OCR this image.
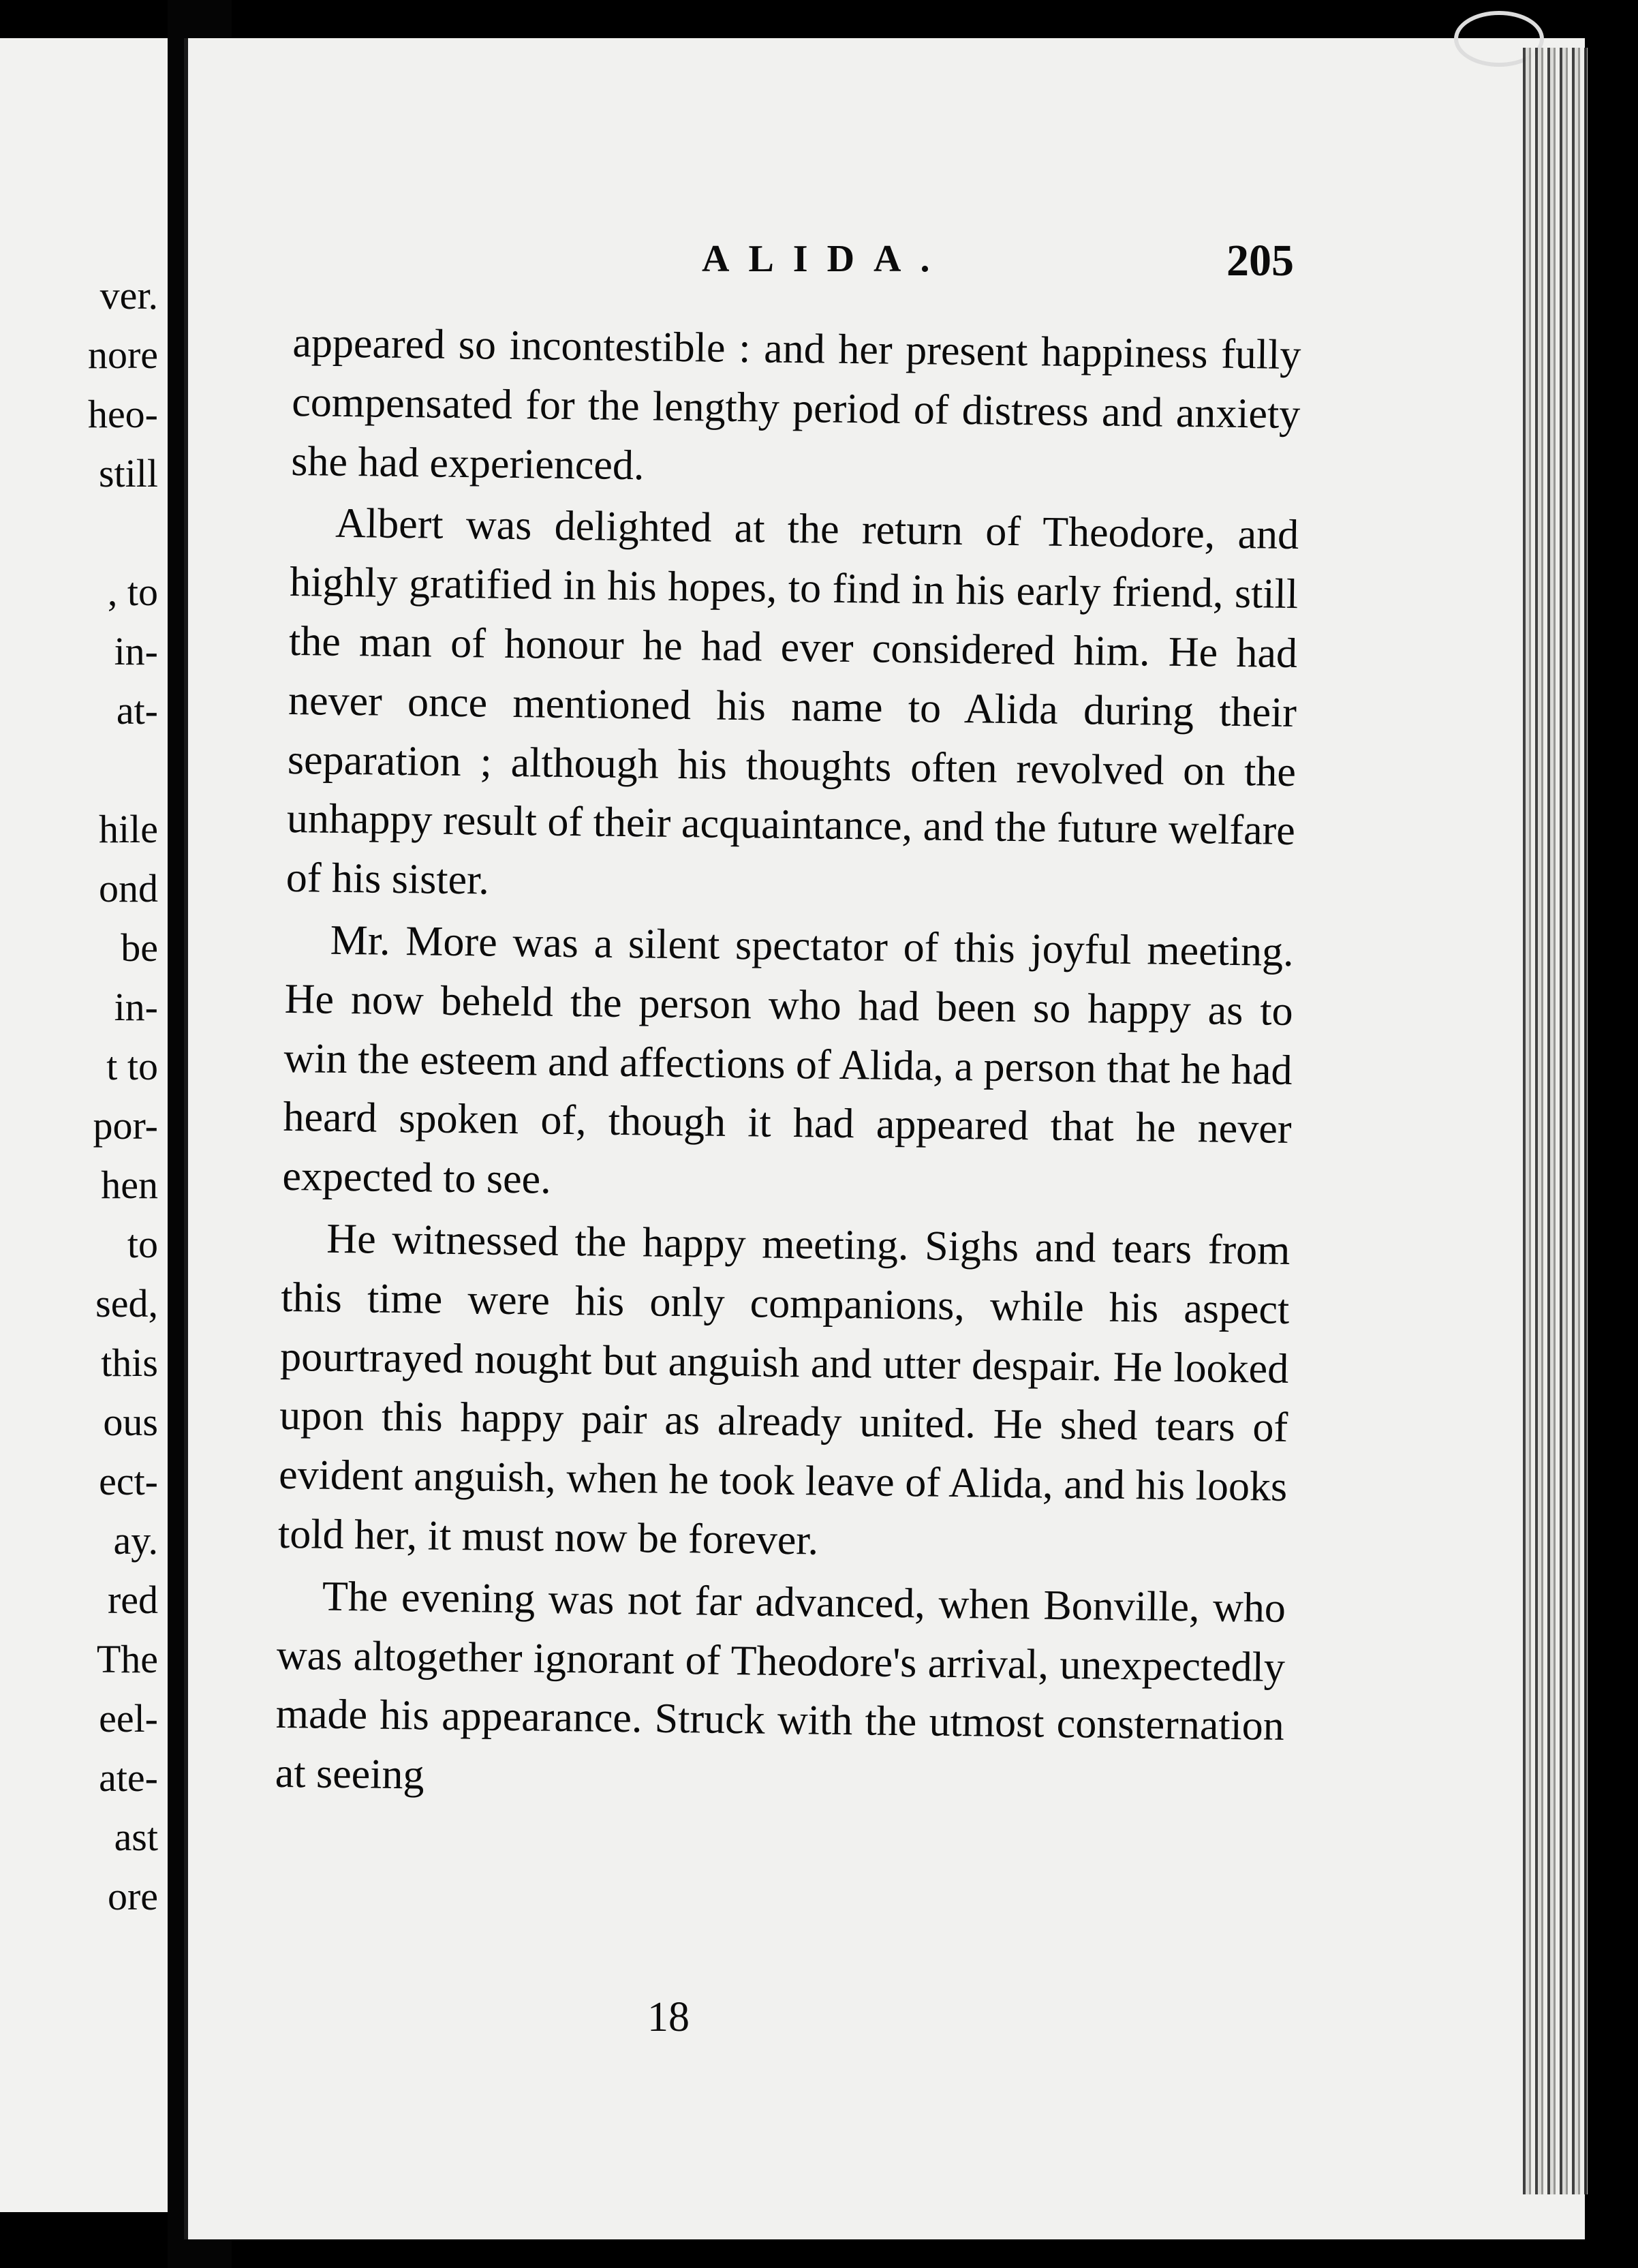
ver.
nore
heo-
still
, to
in-
at-
hile
ond
be
in-
t to
por-
hen
to
sed,
this
ous
ect-
ay.
red
The
eel-
ate-
ast
ore
ALIDA.	205

appeared so incontestible : and her present happiness fully compensated for the lengthy period of distress and anxiety she had experienced.

Albert was delighted at the return of Theodore, and highly gratified in his hopes, to find in his early friend, still the man of honour he had ever considered him. He had never once mentioned his name to Alida during their separation ; although his thoughts often revolved on the unhappy result of their acquaintance, and the future welfare of his sister.

Mr. More was a silent spectator of this joyful meeting. He now beheld the person who had been so happy as to win the esteem and affections of Alida, a person that he had heard spoken of, though it had appeared that he never expected to see.

He witnessed the happy meeting. Sighs and tears from this time were his only companions, while his aspect pourtrayed nought but anguish and utter despair. He looked upon this happy pair as already united. He shed tears of evident anguish, when he took leave of Alida, and his looks told her, it must now be forever.

The evening was not far advanced, when Bonville, who was altogether ignorant of Theodore's arrival, unexpectedly made his appearance. Struck with the utmost consternation at seeing

18
